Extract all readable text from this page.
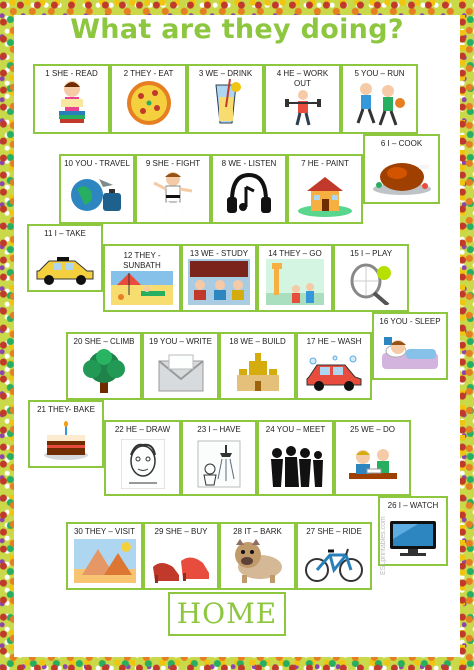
What are they doing?
1 SHE - READ	2 THEY - EAT	3 WE – DRINK	4 HE – WORK OUT
5 YOU – RUN
6 I – COOK
7 HE - PAINT
8 WE - LISTEN
9 SHE - FIGHT
10 YOU - TRAVEL
11 I – TAKE
12 THEY - SUNBATH
13 WE - STUDY	14 THEY – GO	15 I – PLAY
16 YOU - SLEEP
17 HE – WASH
18 WE – BUILD
19 YOU – WRITE
20 SHE – CLIMB
21 THEY- BAKE
22 HE – DRAW	23 I – HAVE	24 YOU – MEET	25 WE – DO
26 I – WATCH
27 SHE – RIDE
28 IT – BARK
29 SHE – BUY
30 THEY – VISIT
HOME
ESLprintables.com
